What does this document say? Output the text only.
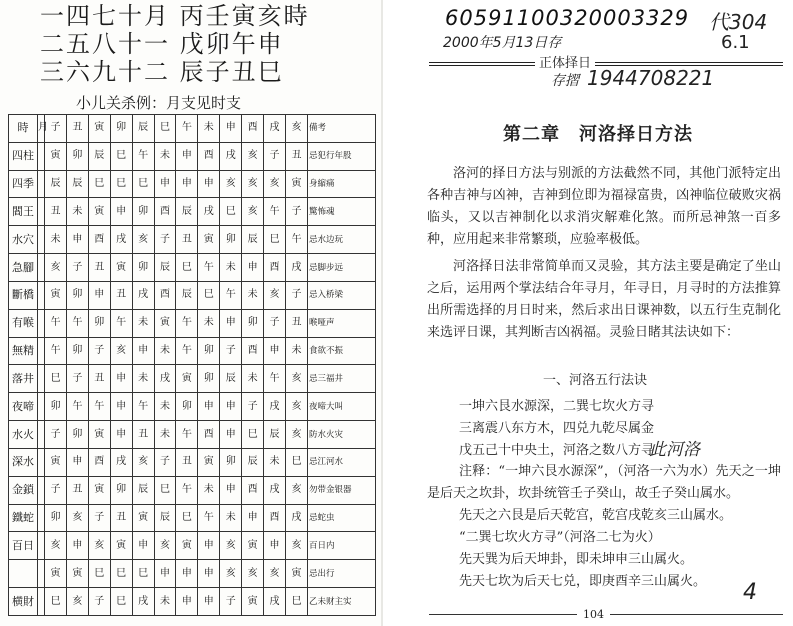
一四七十月 丙壬寅亥時
二五八十一 戊卯午申
三六九十二 辰子丑巳
小儿关杀例：月支见时支
時	月	子	丑	寅	卯	辰	巳	午	未	申	酉	戌	亥	備考
四柱		寅	卯	辰	巳	午	未	申	酉	戌	亥	子	丑	忌犯行年股
四季		辰	辰	巳	巳	巳	申	申	申	亥	亥	亥	寅	身縮痛
閻王		丑	未	寅	申	卯	酉	辰	戌	巳	亥	午	子	驚怖魂
水穴		未	申	酉	戌	亥	子	丑	寅	卯	辰	巳	午	忌水边玩
急腳		亥	子	丑	寅	卯	辰	巳	午	未	申	酉	戌	忌脚步远
斷橋		寅	卯	申	丑	戌	酉	辰	巳	午	未	亥	子	忌入桥梁
有喉		午	午	卯	午	未	寅	午	未	申	卯	子	丑	喉哑声
無精		午	卯	子	亥	申	未	午	卯	子	酉	申	未	食欲不振
落井		巳	子	丑	申	未	戌	寅	卯	辰	未	午	亥	忌三福井
夜啼		卯	午	午	申	午	未	卯	申	申	子	戌	亥	夜啼大叫
水火		子	卯	寅	申	丑	未	午	酉	申	巳	辰	亥	防水火灾
深水		寅	申	酉	戌	亥	子	丑	寅	卯	辰	未	巳	忌江河水
金鎖		子	丑	寅	卯	辰	巳	午	未	申	酉	戌	亥	勿带金银器
鐵蛇		卯	亥	子	丑	寅	辰	巳	午	未	申	酉	戌	忌蛇虫
百日		亥	申	亥	寅	申	亥	寅	申	亥	寅	申	亥	百日内
		寅	寅	巳	巳	巳	申	申	申	亥	亥	亥	寅	忌出行
横財		巳	亥	子	巳	戌	未	申	申	子	寅	戌	巳	乙未财主实
60591100320003329 代304
2000年5月13日存	6.1
正体择日
存摺 1944708221
第二章　河洛择日方法
洛河的择日方法与别派的方法截然不同，其他门派特定出各种吉神与凶神，吉神到位即为福禄富贵，凶神临位破败灾祸临头，又以吉神制化以求消灾解难化煞。而所忌神煞一百多种，应用起来非常繁琐，应验率极低。
河洛择日法非常简单而又灵验，其方法主要是确定了坐山之后，运用两个掌法结合年寻月，年寻日，月寻时的方法推算出所需选择的月日时来，然后求出日课神数，以五行生克制化来选评日课，其判断吉凶祸福。灵验日睹其法诀如下：
一、河洛五行法诀
一坤六艮水源深，二巽七坎火方寻
三离震八东方木，四兑九乾尽属金
戊五己十中央土，河洛之数八方寻
此河洛
注释：“一坤六艮水源深”，（河洛一六为水）先天之一坤是后天之坎卦，坎卦统管壬子癸山，故壬子癸山属水。
先天之六艮是后天乾宫，乾宫戌乾亥三山属水。
“二巽七坎火方寻”（河洛二七为火）
先天巽为后天坤卦，即未坤申三山属火。
先天七坎为后天七兑，即庚酉辛三山属火。 4
104
